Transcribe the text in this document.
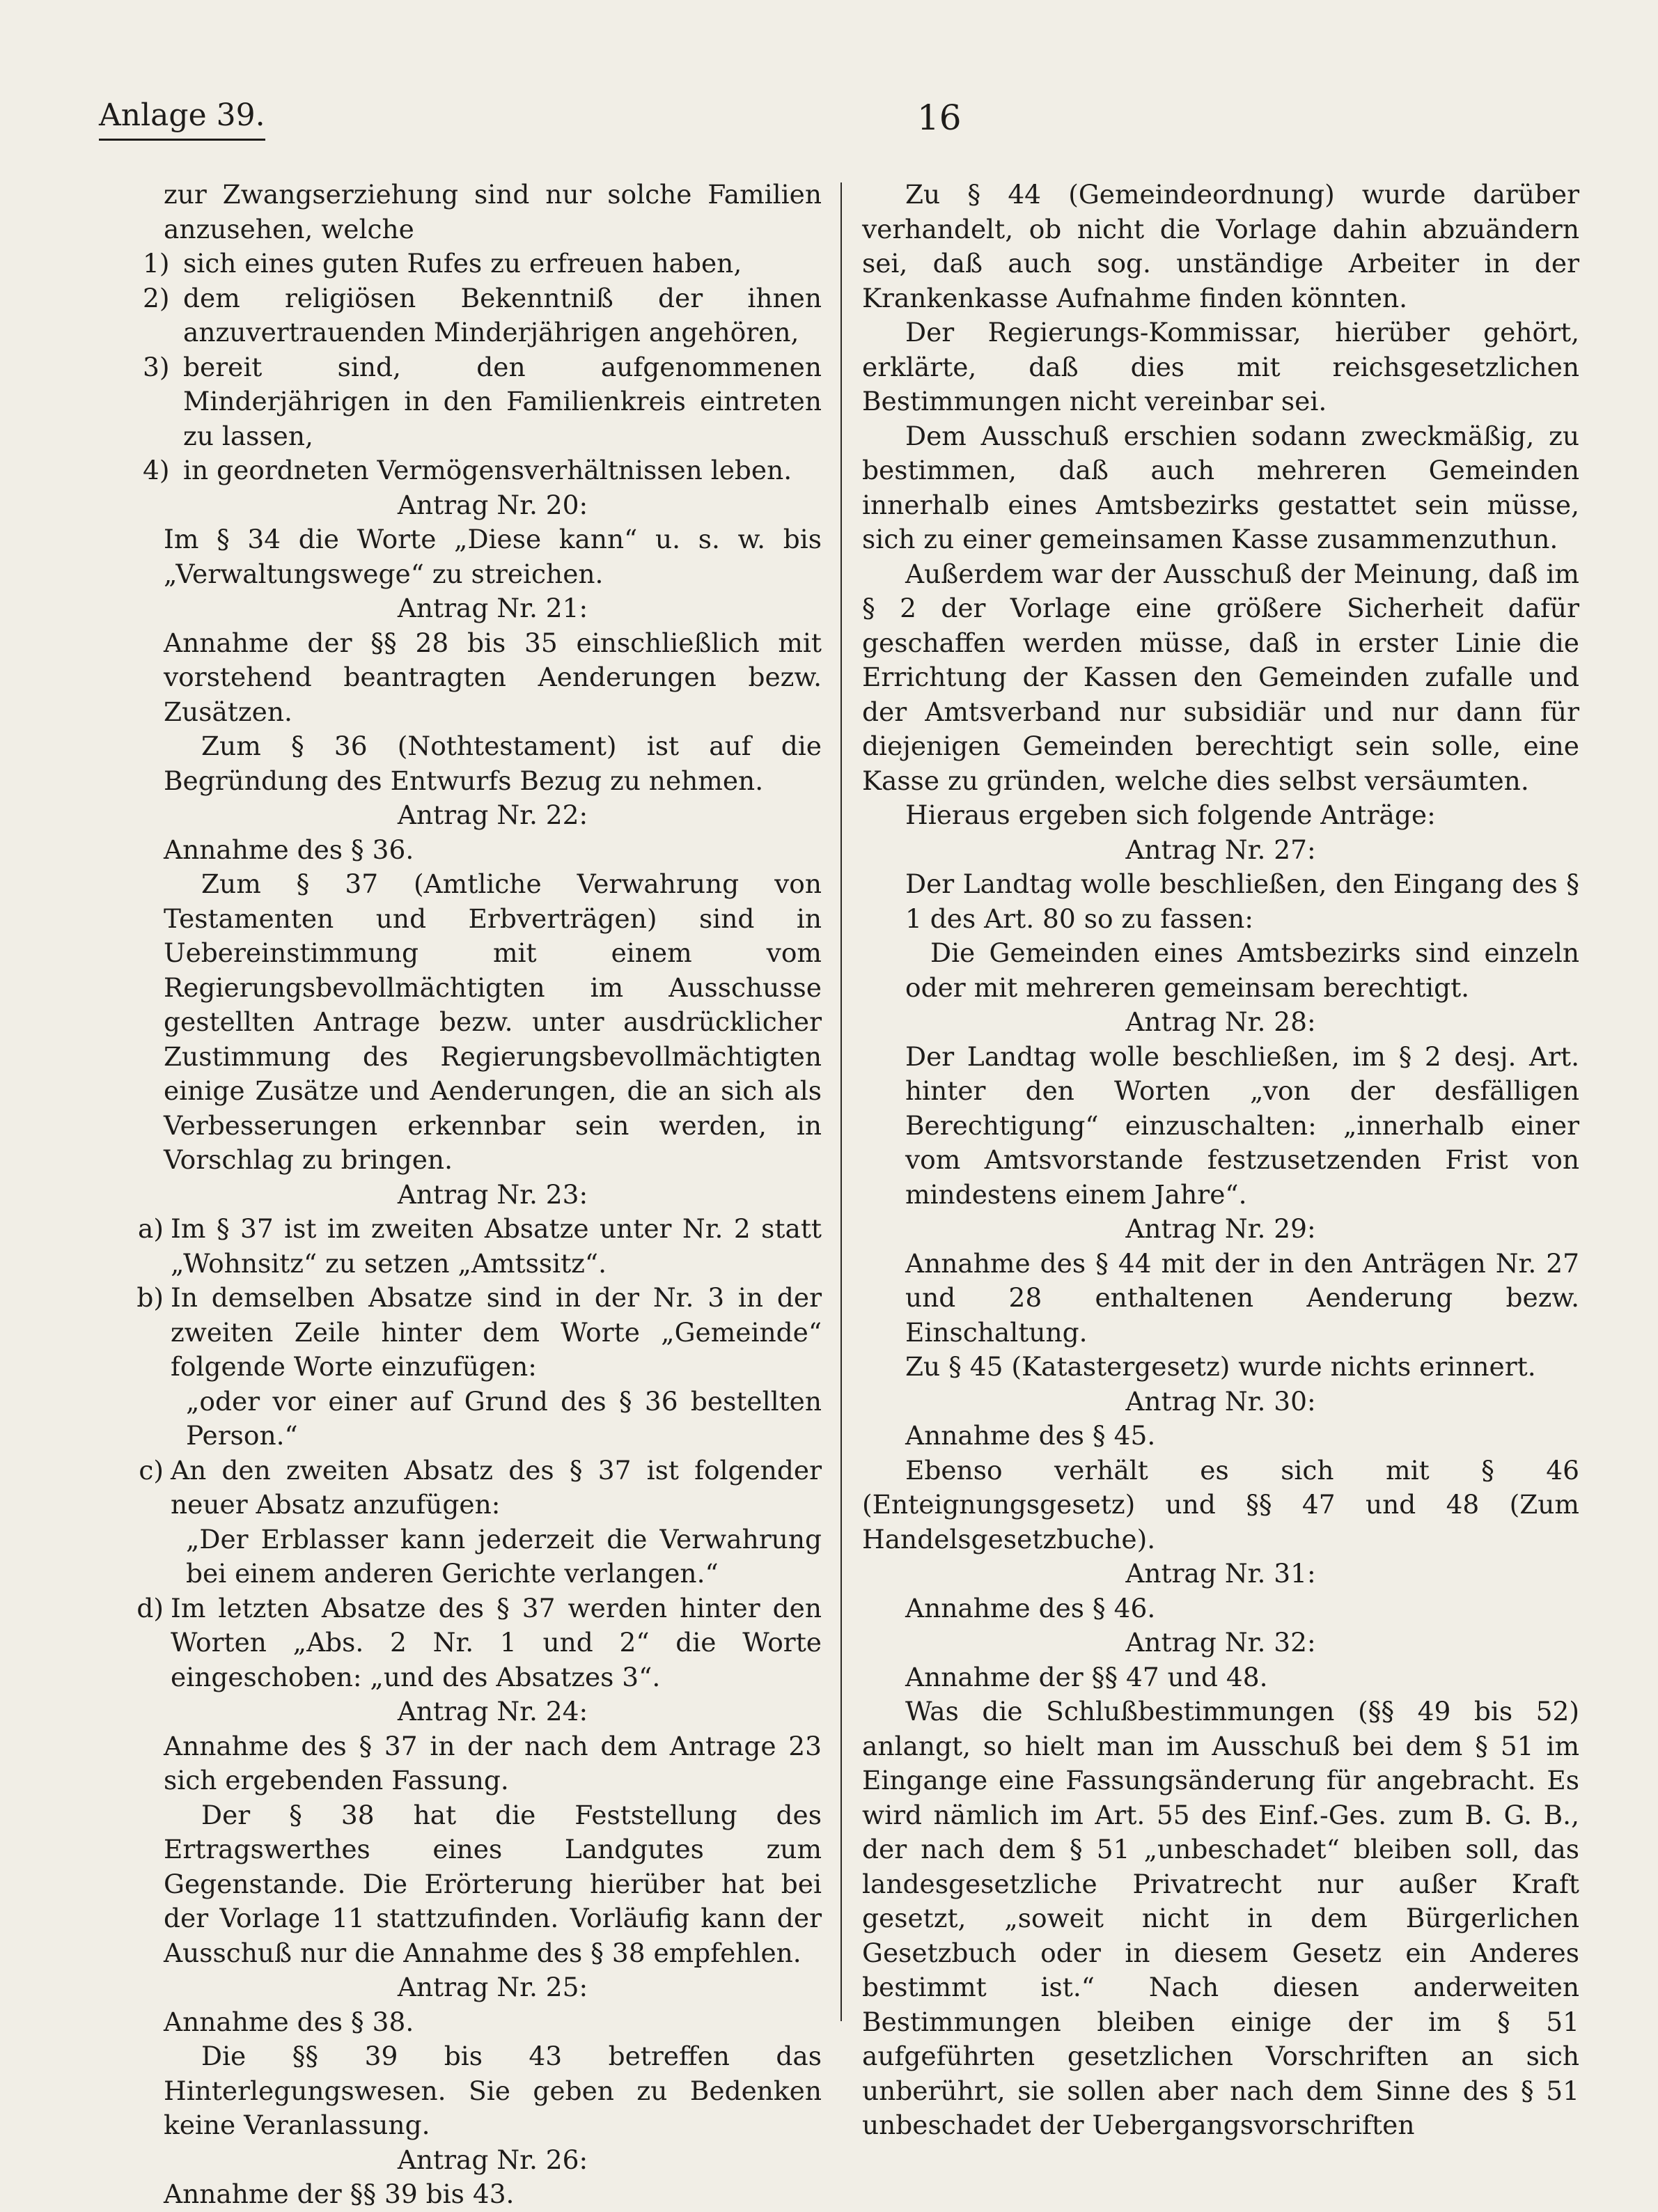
Anlage 39.	16

zur Zwangserziehung sind nur solche Familien anzusehen, welche

1) sich eines guten Rufes zu erfreuen haben,
2) dem religiösen Bekenntniß der ihnen anzuvertrauenden Minderjährigen angehören,
3) bereit sind, den aufgenommenen Minderjährigen in den Familienkreis eintreten zu lassen,
4) in geordneten Vermögensverhältnissen leben.

Antrag Nr. 20:

Im § 34 die Worte „Diese kann“ u. s. w. bis „Verwaltungswege“ zu streichen.

Antrag Nr. 21:

Annahme der §§ 28 bis 35 einschließlich mit vorstehend beantragten Aenderungen bezw. Zusätzen.

Zum § 36 (Nothtestament) ist auf die Begründung des Entwurfs Bezug zu nehmen.

Antrag Nr. 22:

Annahme des § 36.

Zum § 37 (Amtliche Verwahrung von Testamenten und Erbverträgen) sind in Uebereinstimmung mit einem vom Regierungsbevollmächtigten im Ausschusse gestellten Antrage bezw. unter ausdrücklicher Zustimmung des Regierungsbevollmächtigten einige Zusätze und Aenderungen, die an sich als Verbesserungen erkennbar sein werden, in Vorschlag zu bringen.

Antrag Nr. 23:

a) Im § 37 ist im zweiten Absatze unter Nr. 2 statt „Wohnsitz“ zu setzen „Amtssitz“.
b) In demselben Absatze sind in der Nr. 3 in der zweiten Zeile hinter dem Worte „Gemeinde“ folgende Worte einzufügen:

„oder vor einer auf Grund des § 36 bestellten Person.“

c) An den zweiten Absatz des § 37 ist folgender neuer Absatz anzufügen:

„Der Erblasser kann jederzeit die Verwahrung bei einem anderen Gerichte verlangen.“

d) Im letzten Absatze des § 37 werden hinter den Worten „Abs. 2 Nr. 1 und 2“ die Worte eingeschoben: „und des Absatzes 3“.

Antrag Nr. 24:

Annahme des § 37 in der nach dem Antrage 23 sich ergebenden Fassung.

Der § 38 hat die Feststellung des Ertragswerthes eines Landgutes zum Gegenstande. Die Erörterung hierüber hat bei der Vorlage 11 stattzufinden. Vorläufig kann der Ausschuß nur die Annahme des § 38 empfehlen.

Antrag Nr. 25:

Annahme des § 38.

Die §§ 39 bis 43 betreffen das Hinterlegungswesen. Sie geben zu Bedenken keine Veranlassung.

Antrag Nr. 26:

Annahme der §§ 39 bis 43.

Zu § 44 (Gemeindeordnung) wurde darüber verhandelt, ob nicht die Vorlage dahin abzuändern sei, daß auch sog. unständige Arbeiter in der Krankenkasse Aufnahme finden könnten.

Der Regierungs-Kommissar, hierüber gehört, erklärte, daß dies mit reichsgesetzlichen Bestimmungen nicht vereinbar sei.

Dem Ausschuß erschien sodann zweckmäßig, zu bestimmen, daß auch mehreren Gemeinden innerhalb eines Amtsbezirks gestattet sein müsse, sich zu einer gemeinsamen Kasse zusammenzuthun.

Außerdem war der Ausschuß der Meinung, daß im § 2 der Vorlage eine größere Sicherheit dafür geschaffen werden müsse, daß in erster Linie die Errichtung der Kassen den Gemeinden zufalle und der Amtsverband nur subsidiär und nur dann für diejenigen Gemeinden berechtigt sein solle, eine Kasse zu gründen, welche dies selbst versäumten.

Hieraus ergeben sich folgende Anträge:

Antrag Nr. 27:

Der Landtag wolle beschließen, den Eingang des § 1 des Art. 80 so zu fassen:

Die Gemeinden eines Amtsbezirks sind einzeln oder mit mehreren gemeinsam berechtigt.

Antrag Nr. 28:

Der Landtag wolle beschließen, im § 2 desj. Art. hinter den Worten „von der desfälligen Berechtigung“ einzuschalten: „innerhalb einer vom Amtsvorstande festzusetzenden Frist von mindestens einem Jahre“.

Antrag Nr. 29:

Annahme des § 44 mit der in den Anträgen Nr. 27 und 28 enthaltenen Aenderung bezw. Einschaltung.

Zu § 45 (Katastergesetz) wurde nichts erinnert.

Antrag Nr. 30:

Annahme des § 45.

Ebenso verhält es sich mit § 46 (Enteignungsgesetz) und §§ 47 und 48 (Zum Handelsgesetzbuche).

Antrag Nr. 31:

Annahme des § 46.

Antrag Nr. 32:

Annahme der §§ 47 und 48.

Was die Schlußbestimmungen (§§ 49 bis 52) anlangt, so hielt man im Ausschuß bei dem § 51 im Eingange eine Fassungsänderung für angebracht. Es wird nämlich im Art. 55 des Einf.-Ges. zum B. G. B., der nach dem § 51 „unbeschadet“ bleiben soll, das landesgesetzliche Privatrecht nur außer Kraft gesetzt, „soweit nicht in dem Bürgerlichen Gesetzbuch oder in diesem Gesetz ein Anderes bestimmt ist.“ Nach diesen anderweiten Bestimmungen bleiben einige der im § 51 aufgeführten gesetzlichen Vorschriften an sich unberührt, sie sollen aber nach dem Sinne des § 51 unbeschadet der Uebergangsvorschriften
